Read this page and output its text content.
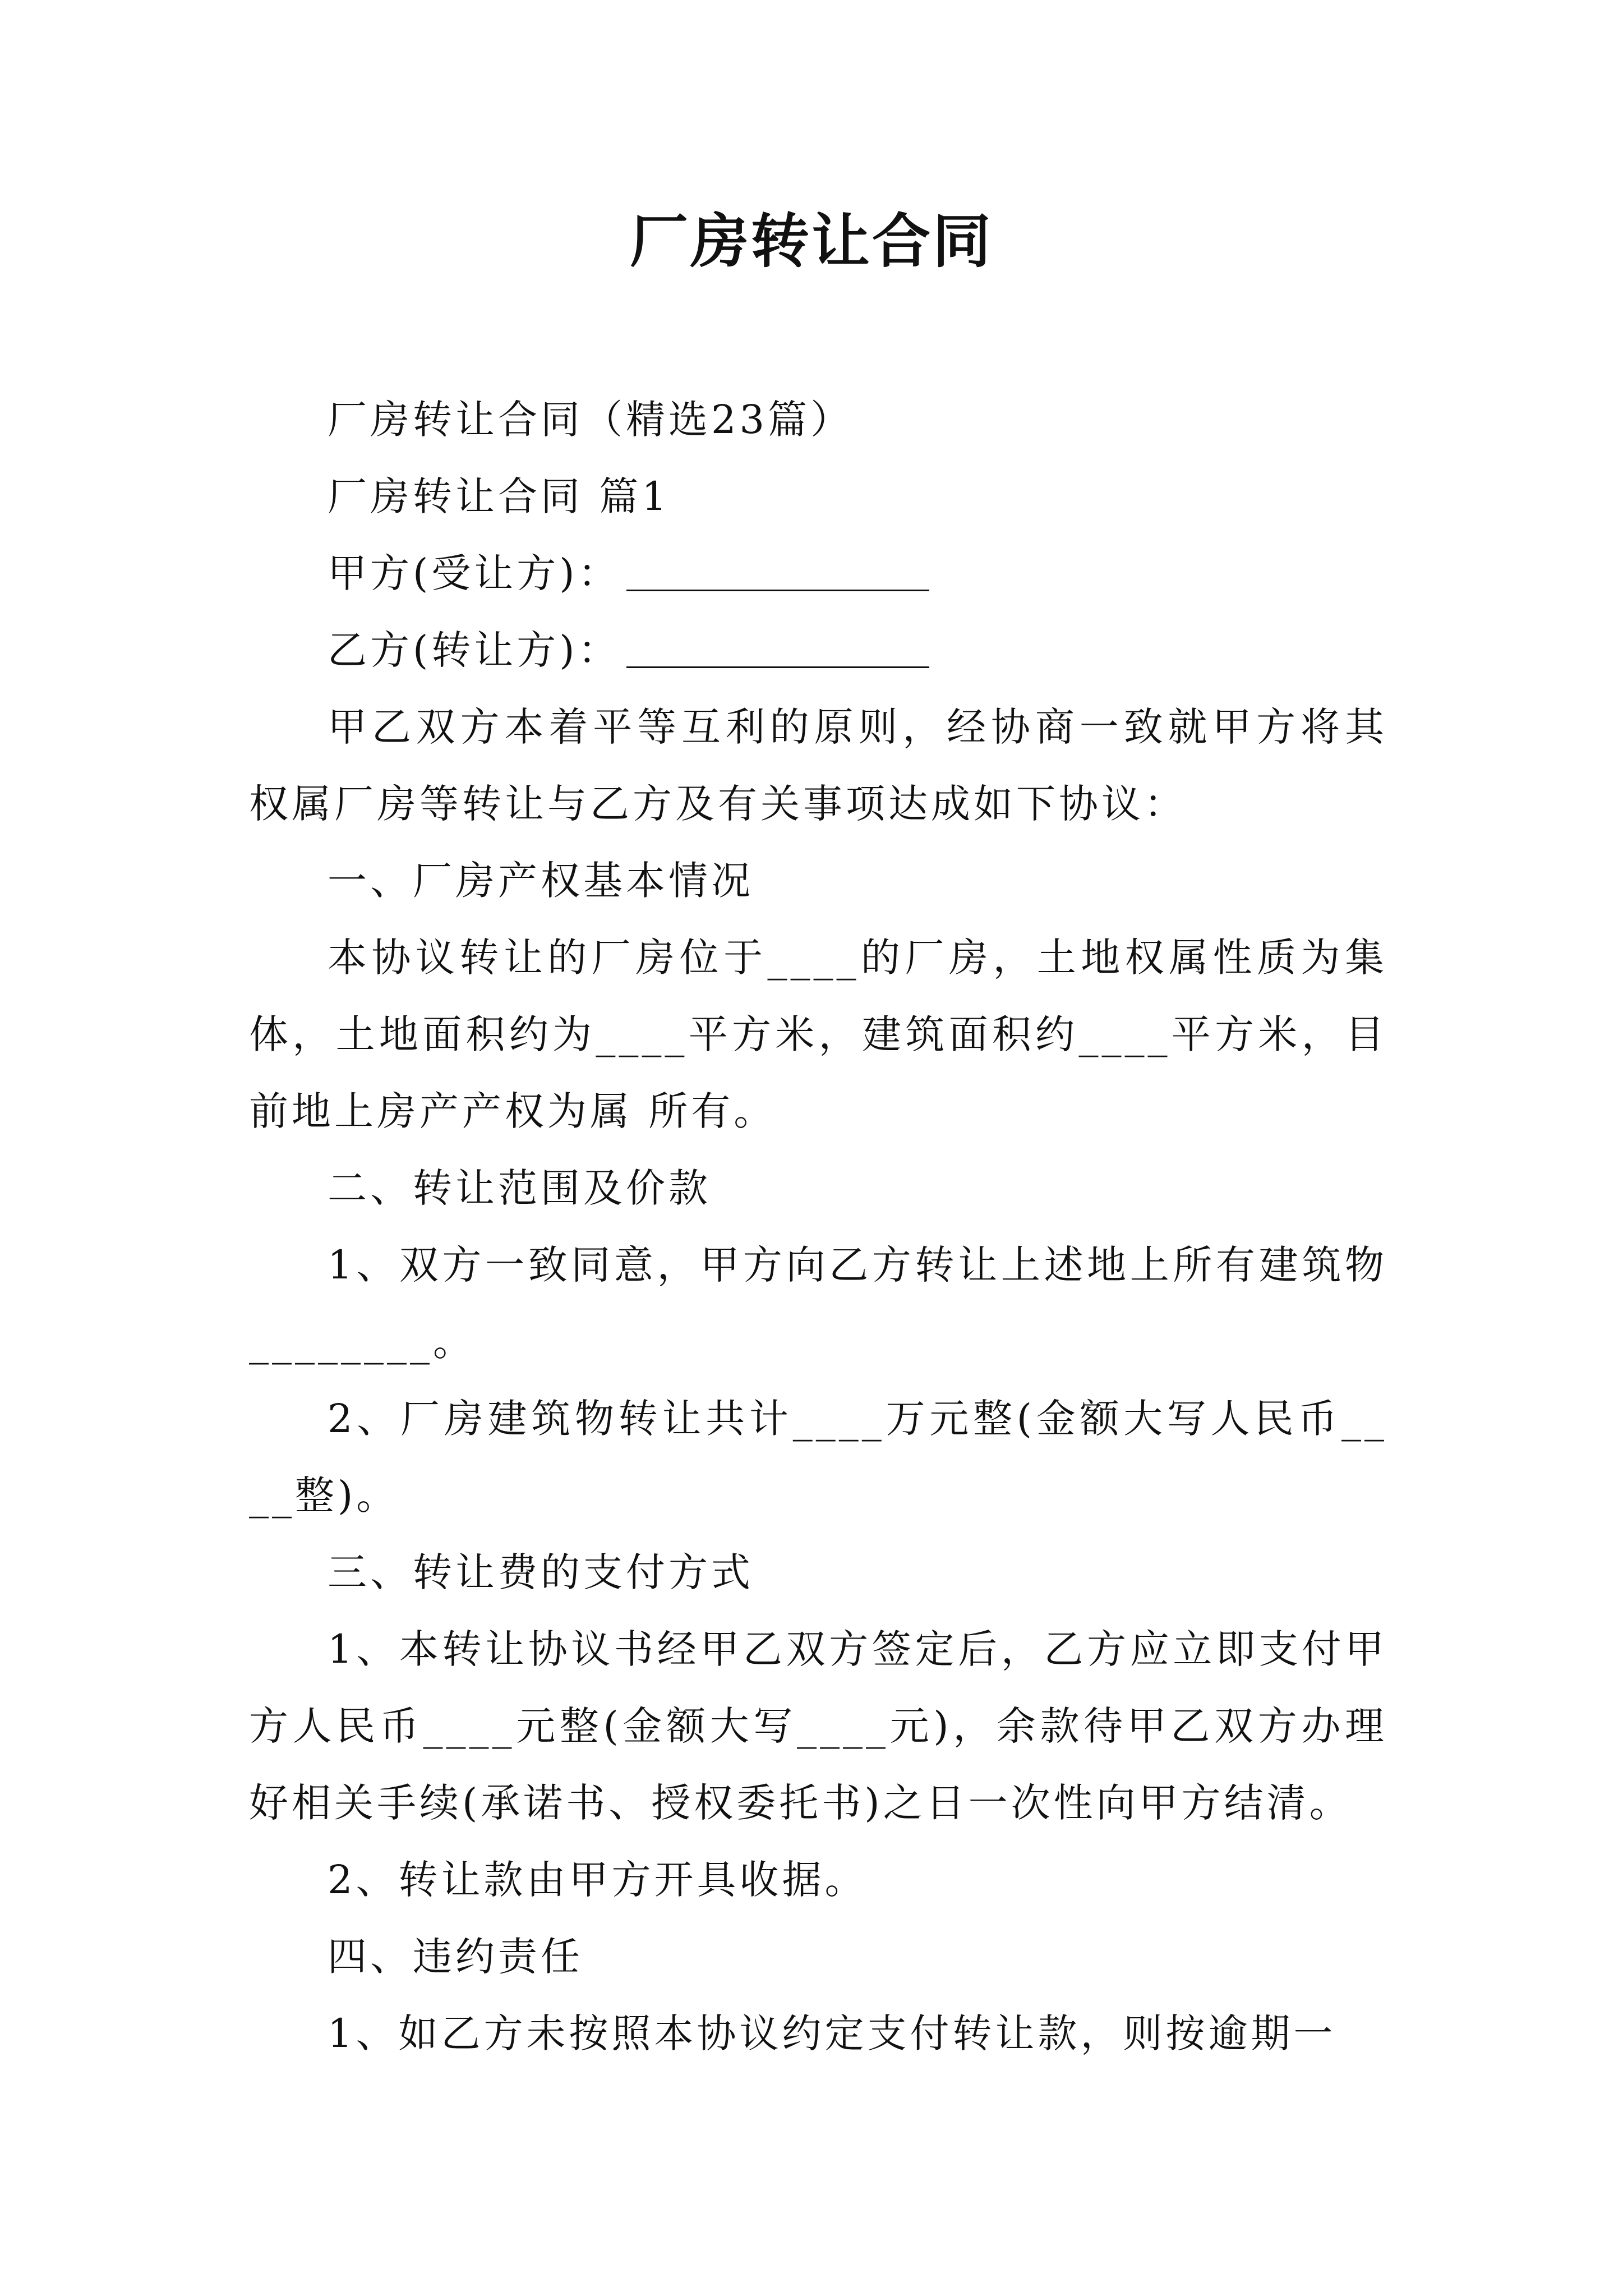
厂房转让合同

厂房转让合同（精选23篇）

厂房转让合同 篇1

甲方(受让方)：

乙方(转让方)：

甲乙双方本着平等互利的原则，经协商一致就甲方将其权属厂房等转让与乙方及有关事项达成如下协议：

一、厂房产权基本情况

本协议转让的厂房位于____的厂房，土地权属性质为集体，土地面积约为____平方米，建筑面积约____平方米，目前地上房产产权为属 所有。

二、转让范围及价款

1、双方一致同意，甲方向乙方转让上述地上所有建筑物________。

2、厂房建筑物转让共计____万元整(金额大写人民币____整)。

三、转让费的支付方式

1、本转让协议书经甲乙双方签定后，乙方应立即支付甲方人民币____元整(金额大写____元)，余款待甲乙双方办理好相关手续(承诺书、授权委托书)之日一次性向甲方结清。

2、转让款由甲方开具收据。

四、违约责任

1、如乙方未按照本协议约定支付转让款，则按逾期一
